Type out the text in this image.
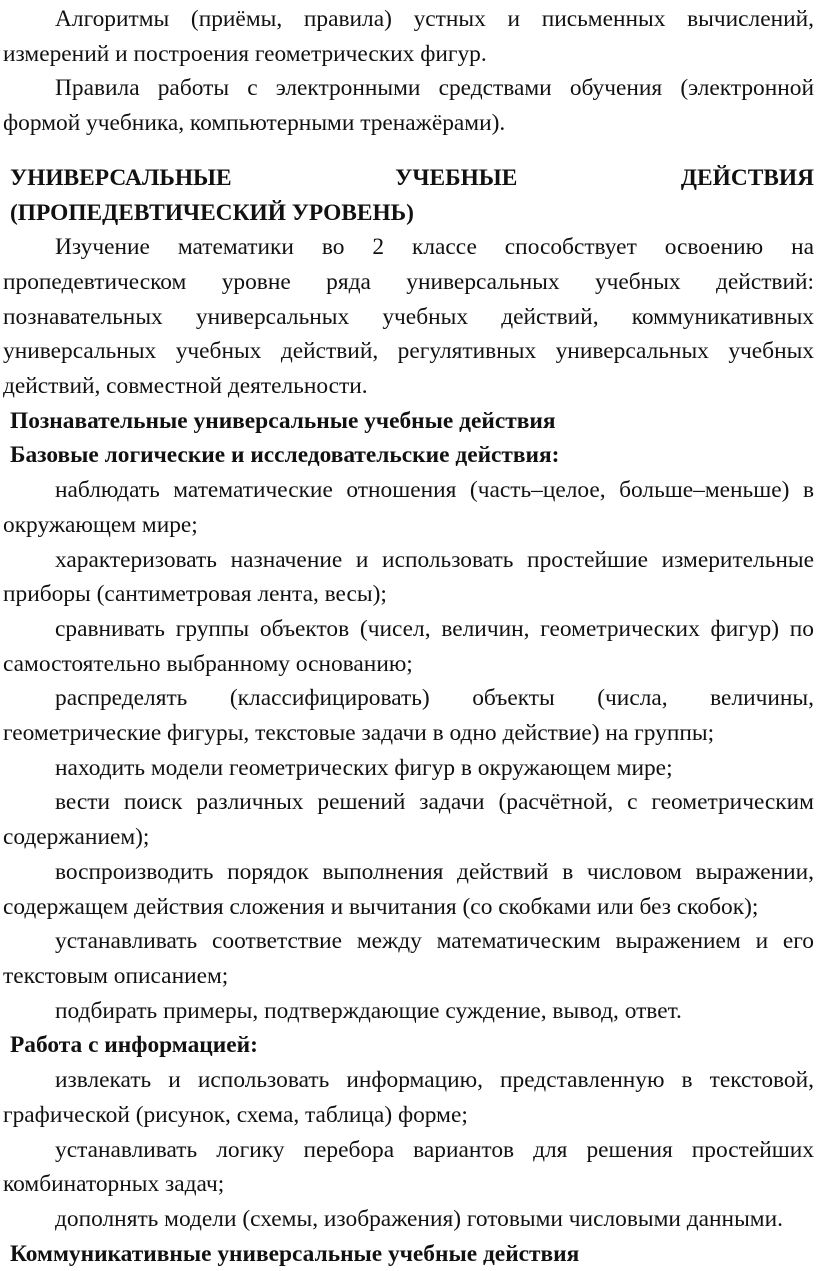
Алгоритмы (приёмы, правила) устных и письменных вычислений, измерений и построения геометрических фигур.

Правила работы с электронными средствами обучения (электронной формой учебника, компьютерными тренажёрами).

УНИВЕРСАЛЬНЫЕ УЧЕБНЫЕ ДЕЙСТВИЯ

(ПРОПЕДЕВТИЧЕСКИЙ УРОВЕНЬ)

Изучение математики во 2 классе способствует освоению на пропедевтическом уровне ряда универсальных учебных действий: познавательных универсальных учебных действий, коммуникативных универсальных учебных действий, регулятивных универсальных учебных действий, совместной деятельности.

Познавательные универсальные учебные действия

Базовые логические и исследовательские действия:

наблюдать математические отношения (часть–целое, больше–меньше) в окружающем мире;

характеризовать назначение и использовать простейшие измерительные приборы (сантиметровая лента, весы);

сравнивать группы объектов (чисел, величин, геометрических фигур) по самостоятельно выбранному основанию;

распределять (классифицировать) объекты (числа, величины, геометрические фигуры, текстовые задачи в одно действие) на группы;

находить модели геометрических фигур в окружающем мире;

вести поиск различных решений задачи (расчётной, с геометрическим содержанием);

воспроизводить порядок выполнения действий в числовом выражении, содержащем действия сложения и вычитания (со скобками или без скобок);

устанавливать соответствие между математическим выражением и его текстовым описанием;

подбирать примеры, подтверждающие суждение, вывод, ответ.

Работа с информацией:

извлекать и использовать информацию, представленную в текстовой, графической (рисунок, схема, таблица) форме;

устанавливать логику перебора вариантов для решения простейших комбинаторных задач;

дополнять модели (схемы, изображения) готовыми числовыми данными.

Коммуникативные универсальные учебные действия
